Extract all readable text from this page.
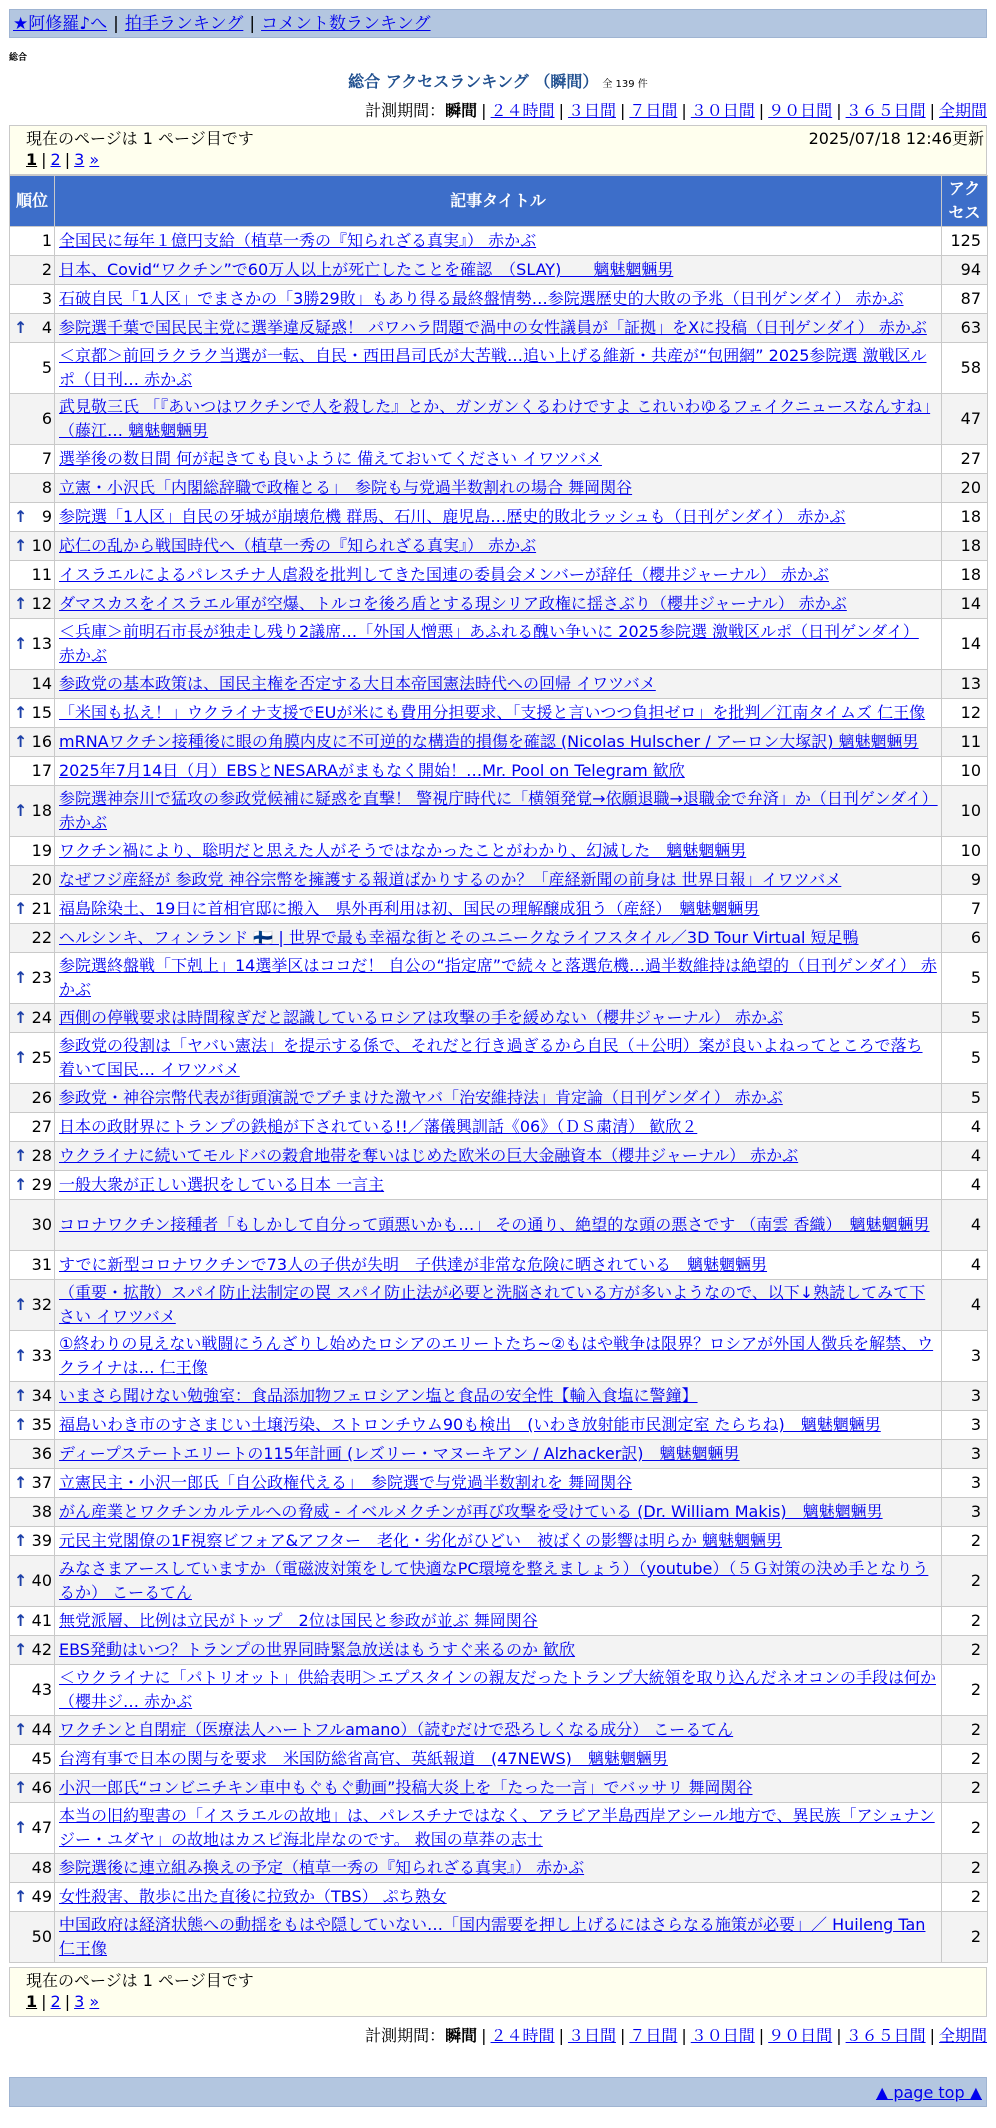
★阿修羅♪へ | 拍手ランキング | コメント数ランキング
総合
総合 アクセスランキング （瞬間） 全 139 件
計測期間：瞬間 | ２４時間 | ３日間 | ７日間 | ３０日間 | ９０日間 | ３６５日間 | 全期間
現在のページは 1 ページ目です	2025/07/18 12:46更新
1 | 2 | 3 »
順位	記事タイトル	アクセス
1	全国民に毎年１億円支給（植草一秀の『知られざる真実』） 赤かぶ	125
2	日本、Covid“ワクチン”で60万人以上が死亡したことを確認　（SLAY)　　魑魅魍魎男	94
3	石破自民「1人区」でまさかの「3勝29敗」もあり得る最終盤情勢…参院選歴史的大敗の予兆（日刊ゲンダイ） 赤かぶ	87

↑ 4	参院選千葉で国民民主党に選挙違反疑惑！ パワハラ問題で渦中の女性議員が「証拠」をXに投稿（日刊ゲンダイ） 赤かぶ	63
5	＜京都＞前回ラクラク当選が一転、自民・西田昌司氏が大苦戦…追い上げる維新・共産が“包囲網” 2025参院選 激戦区ルポ（日刊… 赤かぶ	58
6	武見敬三氏 「『あいつはワクチンで人を殺した』とか、ガンガンくるわけですよ これいわゆるフェイクニュースなんすね」（藤江… 魑魅魍魎男	47
7	選挙後の数日間 何が起きても良いように 備えておいてください イワツバメ	27
8	立憲・小沢氏「内閣総辞職で政権とる」　参院も与党過半数割れの場合 舞岡関谷	20

↑ 9	参院選「1人区」自民の牙城が崩壊危機 群馬、石川、鹿児島…歴史的敗北ラッシュも（日刊ゲンダイ） 赤かぶ	18

↑ 10	応仁の乱から戦国時代へ（植草一秀の『知られざる真実』） 赤かぶ	18
11	イスラエルによるパレスチナ人虐殺を批判してきた国連の委員会メンバーが辞任（櫻井ジャーナル） 赤かぶ	18

↑ 12	ダマスカスをイスラエル軍が空爆、トルコを後ろ盾とする現シリア政権に揺さぶり（櫻井ジャーナル） 赤かぶ	14

↑ 13	＜兵庫＞前明石市長が独走し残り2議席…「外国人憎悪」あふれる醜い争いに 2025参院選 激戦区ルポ（日刊ゲンダイ） 赤かぶ	14
14	参政党の基本政策は、国民主権を否定する大日本帝国憲法時代への回帰 イワツバメ	13

↑ 15	「米国も払え！」ウクライナ支援でEUが米にも費用分担要求、「支援と言いつつ負担ゼロ」を批判／江南タイムズ 仁王像	12

↑ 16	mRNAワクチン接種後に眼の角膜内皮に不可逆的な構造的損傷を確認 (Nicolas Hulscher / アーロン大塚訳) 魑魅魍魎男	11
17	2025年7月14日（月）EBSとNESARAがまもなく開始！…Mr. Pool on Telegram 歓欣	10

↑ 18	参院選神奈川で猛攻の参政党候補に疑惑を直撃！ 警視庁時代に「横領発覚→依願退職→退職金で弁済」か（日刊ゲンダイ） 赤かぶ	10
19	ワクチン禍により、聡明だと思えた人がそうではなかったことがわかり、幻滅した　魑魅魍魎男	10
20	なぜフジ産経が 参政党 神谷宗幣を擁護する報道ばかりするのか？「産経新聞の前身は 世界日報」イワツバメ	9

↑ 21	福島除染土、19日に首相官邸に搬入　県外再利用は初、国民の理解醸成狙う（産経）　魑魅魍魎男	7
22	ヘルシンキ、フィンランド 🇫🇮 | 世界で最も幸福な街とそのユニークなライフスタイル／3D Tour Virtual 短足鴨	6

↑ 23	参院選終盤戦「下剋上」14選挙区はココだ！ 自公の“指定席”で続々と落選危機…過半数維持は絶望的（日刊ゲンダイ） 赤かぶ	5

↑ 24	西側の停戦要求は時間稼ぎだと認識しているロシアは攻撃の手を緩めない（櫻井ジャーナル） 赤かぶ	5

↑ 25	参政党の役割は「ヤバい憲法」を提示する係で、それだと行き過ぎるから自民（＋公明）案が良いよねってところで落ち着いて国民… イワツバメ	5
26	参政党・神谷宗幣代表が街頭演説でブチまけた激ヤバ「治安維持法」肯定論（日刊ゲンダイ） 赤かぶ	5
27	日本の政財界にトランプの鉄槌が下されている!!／藩儀興訓話《06》（ＤＳ粛清） 歓欣２	4

↑ 28	ウクライナに続いてモルドバの穀倉地帯を奪いはじめた欧米の巨大金融資本（櫻井ジャーナル） 赤かぶ	4

↑ 29	一般大衆が正しい選択をしている日本 一言主	4
30	コロナワクチン接種者「もしかして自分って頭悪いかも…」 その通り、絶望的な頭の悪さです （南雲 香織）　魑魅魍魎男	4
31	すでに新型コロナワクチンで73人の子供が失明　子供達が非常な危険に晒されている　魑魅魍魎男	4

↑ 32	（重要・拡散）スパイ防止法制定の罠 スパイ防止法が必要と洗脳されている方が多いようなので、以下↓熟読してみて下さい イワツバメ	4

↑ 33	①終わりの見えない戦闘にうんざりし始めたロシアのエリートたち~②もはや戦争は限界？ロシアが外国人徴兵を解禁、ウクライナは… 仁王像	3

↑ 34	いまさら聞けない勉強室：食品添加物フェロシアン塩と食品の安全性【輸入食塩に警鐘】	3

↑ 35	福島いわき市のすさまじい土壌汚染、ストロンチウム90も検出　(いわき放射能市民測定室 たらちね)　魑魅魍魎男	3
36	ディープステートエリートの115年計画 (レズリー・マヌーキアン / Alzhacker訳)　魑魅魍魎男	3

↑ 37	立憲民主・小沢一郎氏「自公政権代える」　参院選で与党過半数割れを 舞岡関谷	3
38	がん産業とワクチンカルテルへの脅威 - イベルメクチンが再び攻撃を受けている (Dr. William Makis)　魑魅魍魎男	3

↑ 39	元民主党閣僚の1F視察ビフォア&アフター　老化・劣化がひどい　被ばくの影響は明らか 魑魅魍魎男	2

↑ 40	みなさまアースしていますか（電磁波対策をして快適なPC環境を整えましょう）（youtube）（５Ｇ対策の決め手となりうるか） こーるてん	2

↑ 41	無党派層、比例は立民がトップ　2位は国民と参政が並ぶ 舞岡関谷	2

↑ 42	EBS発動はいつ？トランプの世界同時緊急放送はもうすぐ来るのか 歓欣	2
43	＜ウクライナに「パトリオット」供給表明＞エプスタインの親友だったトランプ大統領を取り込んだネオコンの手段は何か（櫻井ジ… 赤かぶ	2

↑ 44	ワクチンと自閉症（医療法人ハートフルamano）（読むだけで恐ろしくなる成分） こーるてん	2
45	台湾有事で日本の関与を要求　米国防総省高官、英紙報道　(47NEWS)　魑魅魍魎男	2

↑ 46	小沢一郎氏“コンビニチキン車中もぐもぐ動画”投稿大炎上を「たった一言」でバッサリ 舞岡関谷	2

↑ 47	本当の旧約聖書の「イスラエルの故地」は、パレスチナではなく、アラビア半島西岸アシール地方で、異民族「アシュナンジー・ユダヤ」の故地はカスピ海北岸なのです。 救国の草莽の志士	2
48	参院選後に連立組み換えの予定（植草一秀の『知られざる真実』） 赤かぶ	2

↑ 49	女性殺害、散歩に出た直後に拉致か（TBS） ぷち熟女	2
50	中国政府は経済状態への動揺をもはや隠していない…「国内需要を押し上げるにはさらなる施策が必要」／ Huileng Tan 仁王像	2
現在のページは 1 ページ目です
1 | 2 | 3 »
計測期間：瞬間 | ２４時間 | ３日間 | ７日間 | ３０日間 | ９０日間 | ３６５日間 | 全期間
▲ page top ▲
